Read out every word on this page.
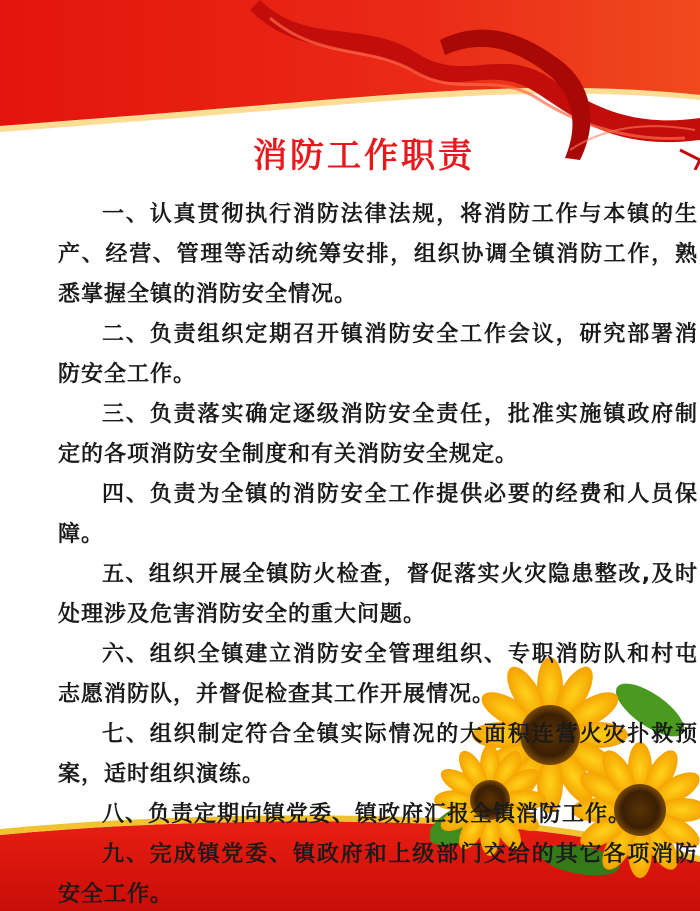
消防工作职责

一、认真贯彻执行消防法律法规，将消防工作与本镇的生产、经营、管理等活动统筹安排，组织协调全镇消防工作，熟悉掌握全镇的消防安全情况。

二、负责组织定期召开镇消防安全工作会议，研究部署消防安全工作。

三、负责落实确定逐级消防安全责任，批准实施镇政府制定的各项消防安全制度和有关消防安全规定。

四、负责为全镇的消防安全工作提供必要的经费和人员保障。

五、组织开展全镇防火检查，督促落实火灾隐患整改,及时处理涉及危害消防安全的重大问题。

六、组织全镇建立消防安全管理组织、专职消防队和村屯志愿消防队，并督促检查其工作开展情况。

七、组织制定符合全镇实际情况的大面积连营火灾扑救预案，适时组织演练。

八、负责定期向镇党委、镇政府汇报全镇消防工作。

九、完成镇党委、镇政府和上级部门交给的其它各项消防安全工作。
